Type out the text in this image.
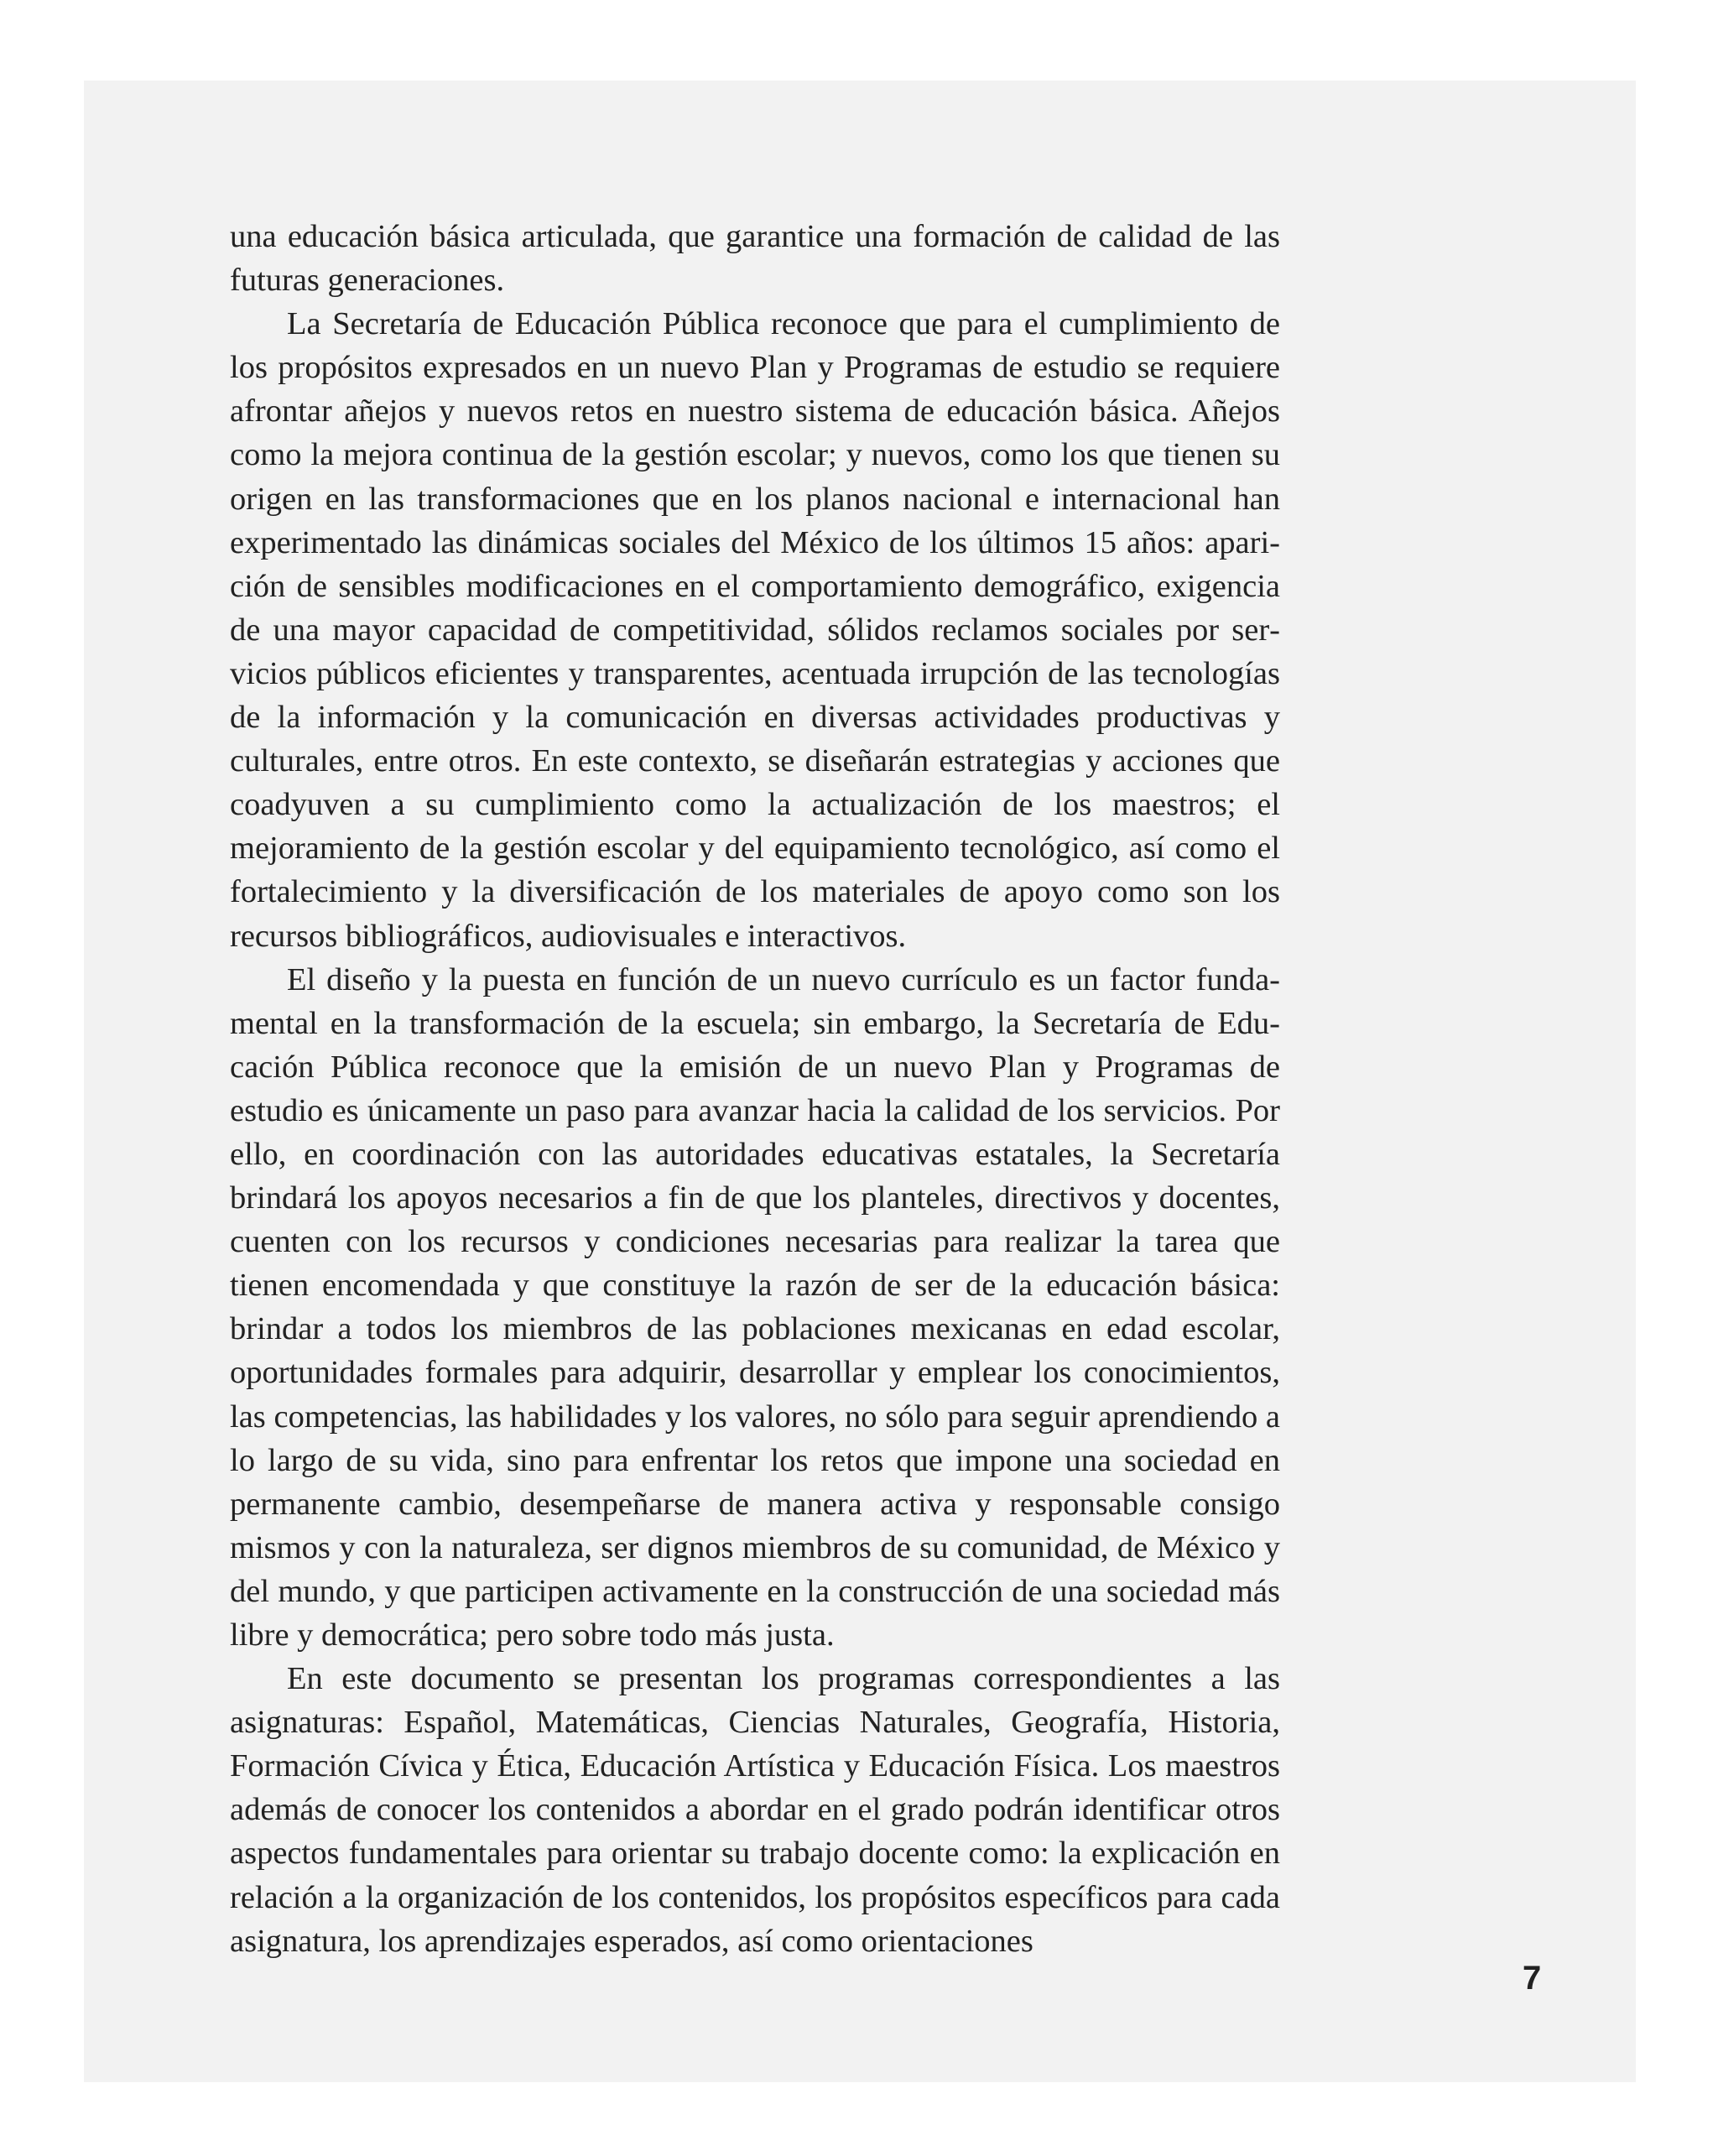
una educación básica articulada, que garantice una formación de calidad de las futuras generaciones.

La Secretaría de Educación Pública reconoce que para el cumplimiento de los propósitos expresados en un nuevo Plan y Programas de estudio se requiere afrontar añejos y nuevos retos en nuestro sistema de educación básica. Añejos como la mejora continua de la gestión escolar; y nuevos, como los que tienen su origen en las transformaciones que en los planos nacional e internacional han experimentado las dinámicas sociales del México de los últimos 15 años: aparición de sensibles modificaciones en el comportamiento demográfico, exigencia de una mayor capacidad de competitividad, sólidos reclamos sociales por servicios públicos eficientes y transparentes, acentuada irrupción de las tecnologías de la información y la comunicación en diversas actividades productivas y culturales, entre otros. En este contexto, se diseñarán estrategias y acciones que coadyuven a su cumplimiento como la actualización de los maestros; el mejoramiento de la gestión escolar y del equipamiento tecnológico, así como el fortalecimiento y la diversificación de los materiales de apoyo como son los recursos bibliográficos, audiovisuales e interactivos.

El diseño y la puesta en función de un nuevo currículo es un factor fundamental en la transformación de la escuela; sin embargo, la Secretaría de Educación Pública reconoce que la emisión de un nuevo Plan y Programas de estudio es únicamente un paso para avanzar hacia la calidad de los servicios. Por ello, en coordinación con las autoridades educativas estatales, la Secretaría brindará los apoyos necesarios a fin de que los planteles, directivos y docentes, cuenten con los recursos y condiciones necesarias para realizar la tarea que tienen encomendada y que constituye la razón de ser de la educación básica: brindar a todos los miembros de las poblaciones mexicanas en edad escolar, oportunidades formales para adquirir, desarrollar y emplear los conocimientos, las competencias, las habilidades y los valores, no sólo para seguir aprendiendo a lo largo de su vida, sino para enfrentar los retos que impone una sociedad en permanente cambio, desempeñarse de manera activa y responsable consigo mismos y con la naturaleza, ser dignos miembros de su comunidad, de México y del mundo, y que participen activamente en la construcción de una sociedad más libre y democrática; pero sobre todo más justa.

En este documento se presentan los programas correspondientes a las asignaturas: Español, Matemáticas, Ciencias Naturales, Geografía, Historia, Formación Cívica y Ética, Educación Artística y Educación Física. Los maestros además de conocer los contenidos a abordar en el grado podrán identificar otros aspectos fundamentales para orientar su trabajo docente como: la explicación en relación a la organización de los contenidos, los propósitos específicos para cada asignatura, los aprendizajes esperados, así como orientaciones

7
